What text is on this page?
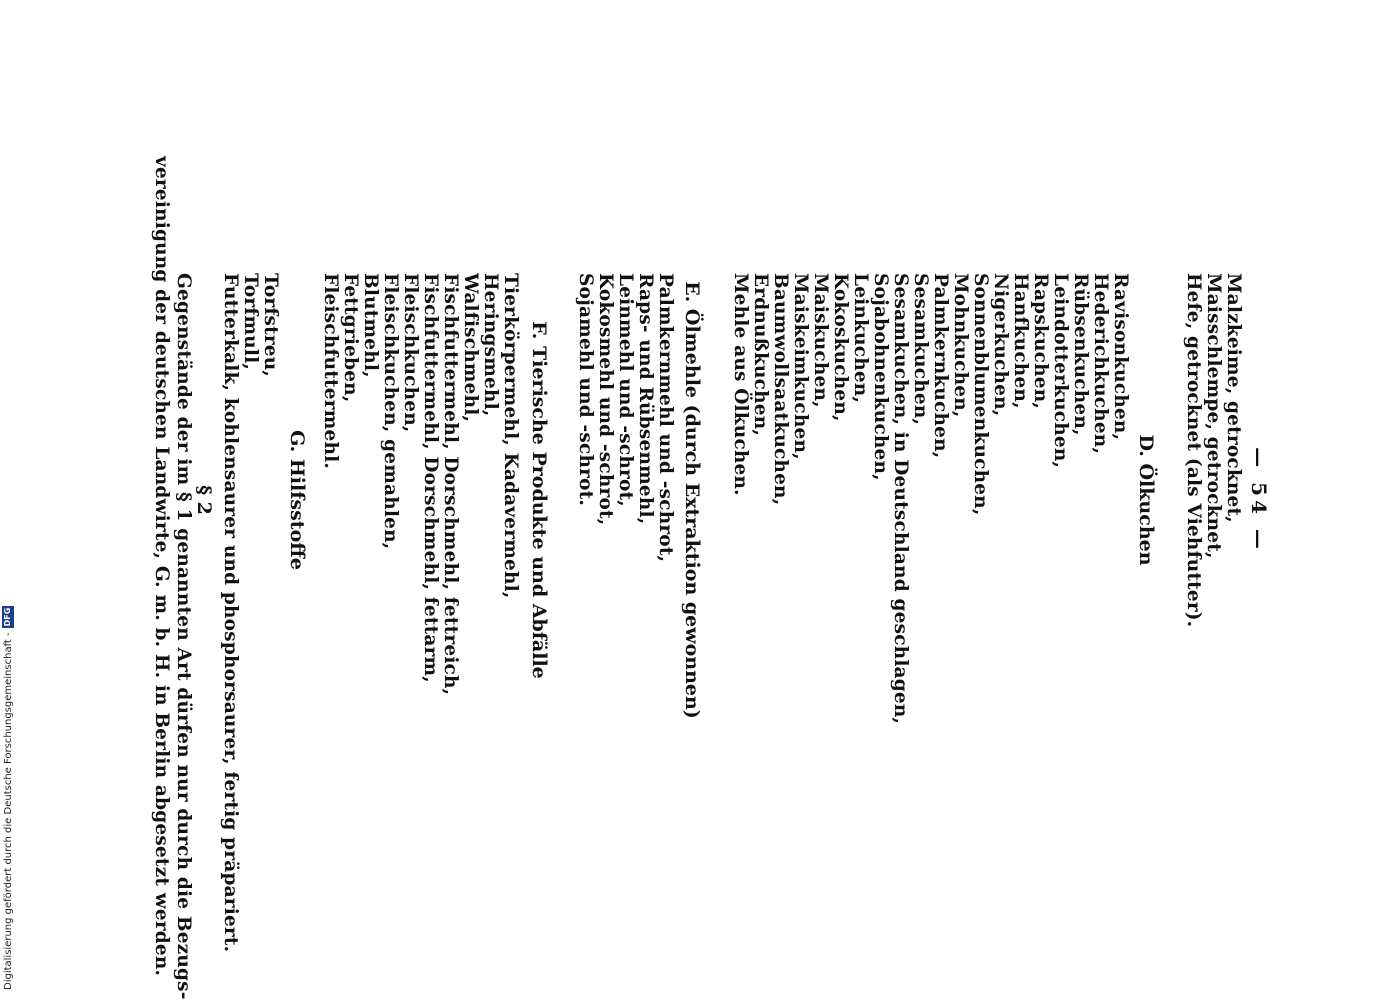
— 54 —
Malzkeime, getrocknet,
Maisschlempe, getrocknet,
Hefe, getrocknet (als Viehfutter).
D. Ölkuchen
Ravisonkuchen,
Hederichkuchen,
Rübsenkuchen,
Leindotterkuchen,
Rapskuchen,
Hanfkuchen,
Nigerkuchen,
Sonnenblumenkuchen,
Mohnkuchen,
Palmkernkuchen,
Sesamkuchen,
Sesamkuchen, in Deutschland geschlagen,
Sojabohnenkuchen,
Leinkuchen,
Kokoskuchen,
Maiskuchen,
Maiskeimkuchen,
Baumwollsaatkuchen,
Erdnußkuchen,
Mehle aus Ölkuchen.
E. Ölmehle (durch Extraktion gewonnen)
Palmkernmehl und -schrot,
Raps- und Rübsenmehl,
Leinmehl und -schrot,
Kokosmehl und -schrot,
Sojamehl und -schrot.
F. Tierische Produkte und Abfälle
Tierkörpermehl, Kadavermehl,
Heringsmehl,
Walfischmehl,
Fischfuttermehl, Dorschmehl, fettreich,
Fischfuttermehl, Dorschmehl, fettarm,
Fleischkuchen,
Fleischkuchen, gemahlen,
Blutmehl,
Fettgrieben,
Fleischfuttermehl.
G. Hilfsstoffe
Torfstreu,
Torfmull,
Futterkalk, kohlensaurer und phosphorsaurer, fertig präpariert.
§ 2
Gegenstände der im § 1 genannten Art dürfen nur durch die Bezugs-
vereinigung der deutschen Landwirte, G. m. b. H. in Berlin abgesetzt werden.
Digitalisierung gefördert durch die Deutsche Forschungsgemeinschaft -
DFG
